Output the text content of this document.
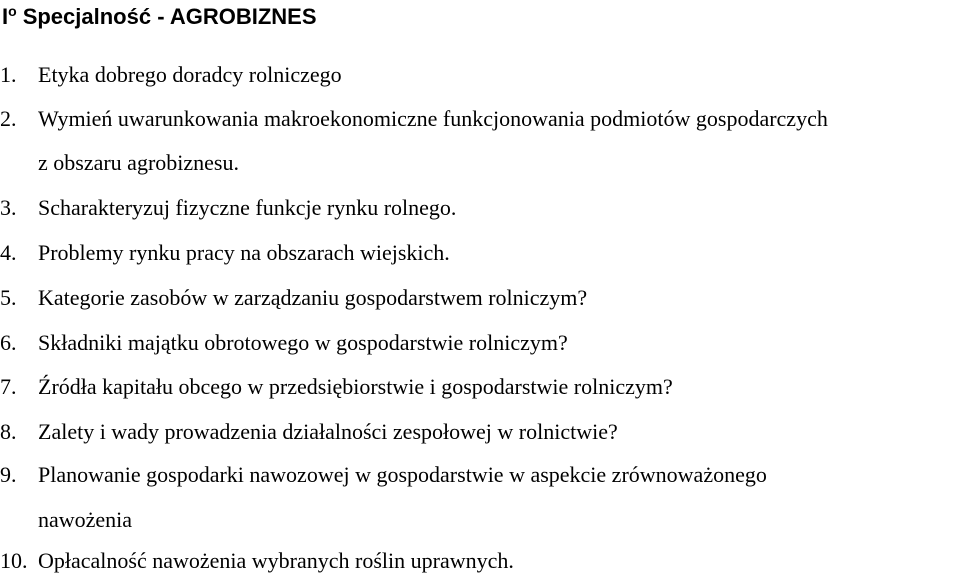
$I^o$ Specjalność - AGROBIZNES
1. Etyka dobrego doradcy rolniczego
2. Wymień uwarunkowania makroekonomiczne funkcjonowania podmiotów gospodarczych
z obszaru agrobiznesu.
3. Scharakteryzuj fizyczne funkcje rynku rolnego.
4. Problemy rynku pracy na obszarach wiejskich.
5. Kategorie zasobów w zarządzaniu gospodarstwem rolniczym?
6. Składniki majątku obrotowego w gospodarstwie rolniczym?
7. Źródła kapitału obcego w przedsiębiorstwie i gospodarstwie rolniczym?
8. Zalety i wady prowadzenia działalności zespołowej w rolnictwie?
9. Planowanie gospodarki nawozowej w gospodarstwie w aspekcie zrównoważonego
nawożenia
10. Opłacalność nawożenia wybranych roślin uprawnych.
